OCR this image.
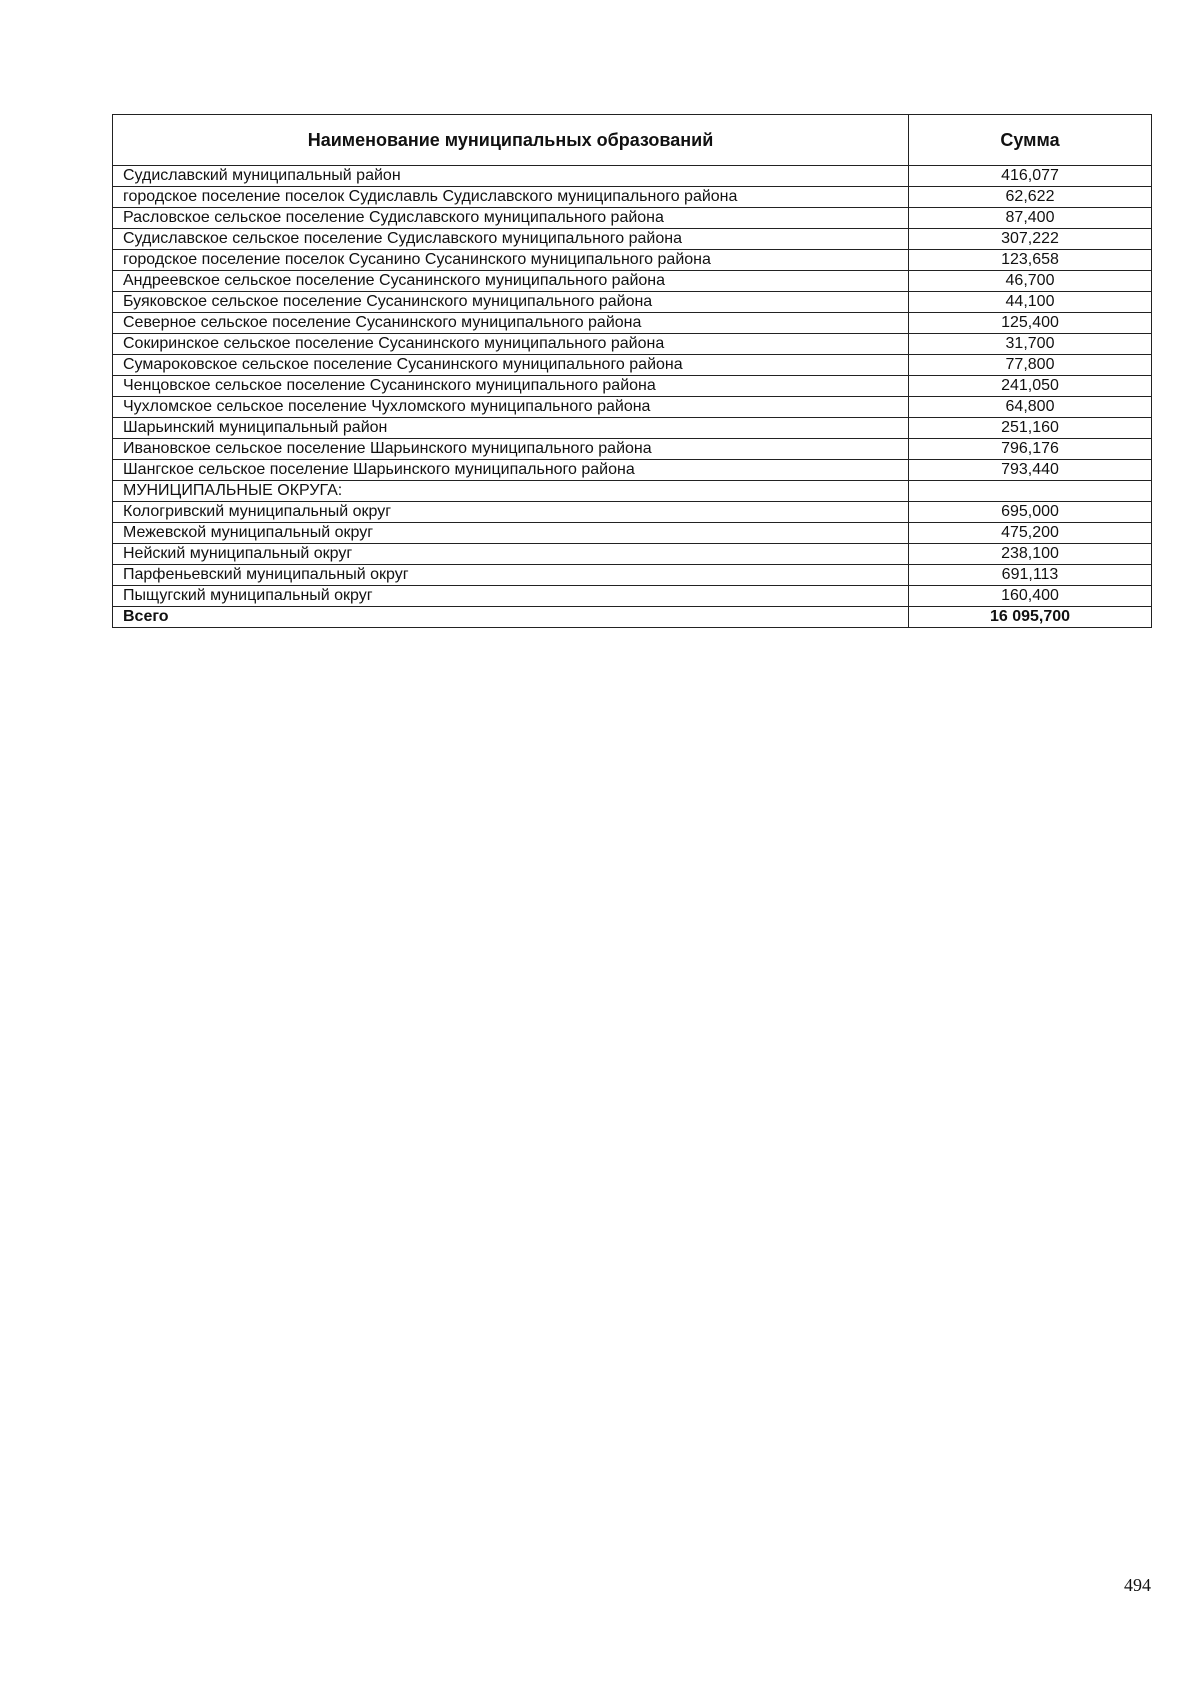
Наименование муниципальных образований	Сумма
Судиславский муниципальный район	416,077
городское поселение поселок Судиславль Судиславского муниципального района	62,622
Расловское сельское поселение Судиславского муниципального района	87,400
Судиславское сельское поселение Судиславского муниципального района	307,222
городское поселение поселок Сусанино Сусанинского муниципального района	123,658
Андреевское сельское поселение Сусанинского муниципального района	46,700
Буяковское сельское поселение Сусанинского муниципального района	44,100
Северное сельское поселение Сусанинского муниципального района	125,400
Сокиринское сельское поселение Сусанинского муниципального района	31,700
Сумароковское сельское поселение Сусанинского муниципального района	77,800
Ченцовское сельское поселение Сусанинского муниципального района	241,050
Чухломское сельское поселение Чухломского муниципального района	64,800
Шарьинский муниципальный район	251,160
Ивановское сельское поселение Шарьинского муниципального района	796,176
Шангское сельское поселение Шарьинского муниципального района	793,440
МУНИЦИПАЛЬНЫЕ ОКРУГА:	
Кологривский муниципальный округ	695,000
Межевской муниципальный округ	475,200
Нейский муниципальный округ	238,100
Парфеньевский муниципальный округ	691,113
Пыщугский муниципальный округ	160,400
Всего	16 095,700
494
